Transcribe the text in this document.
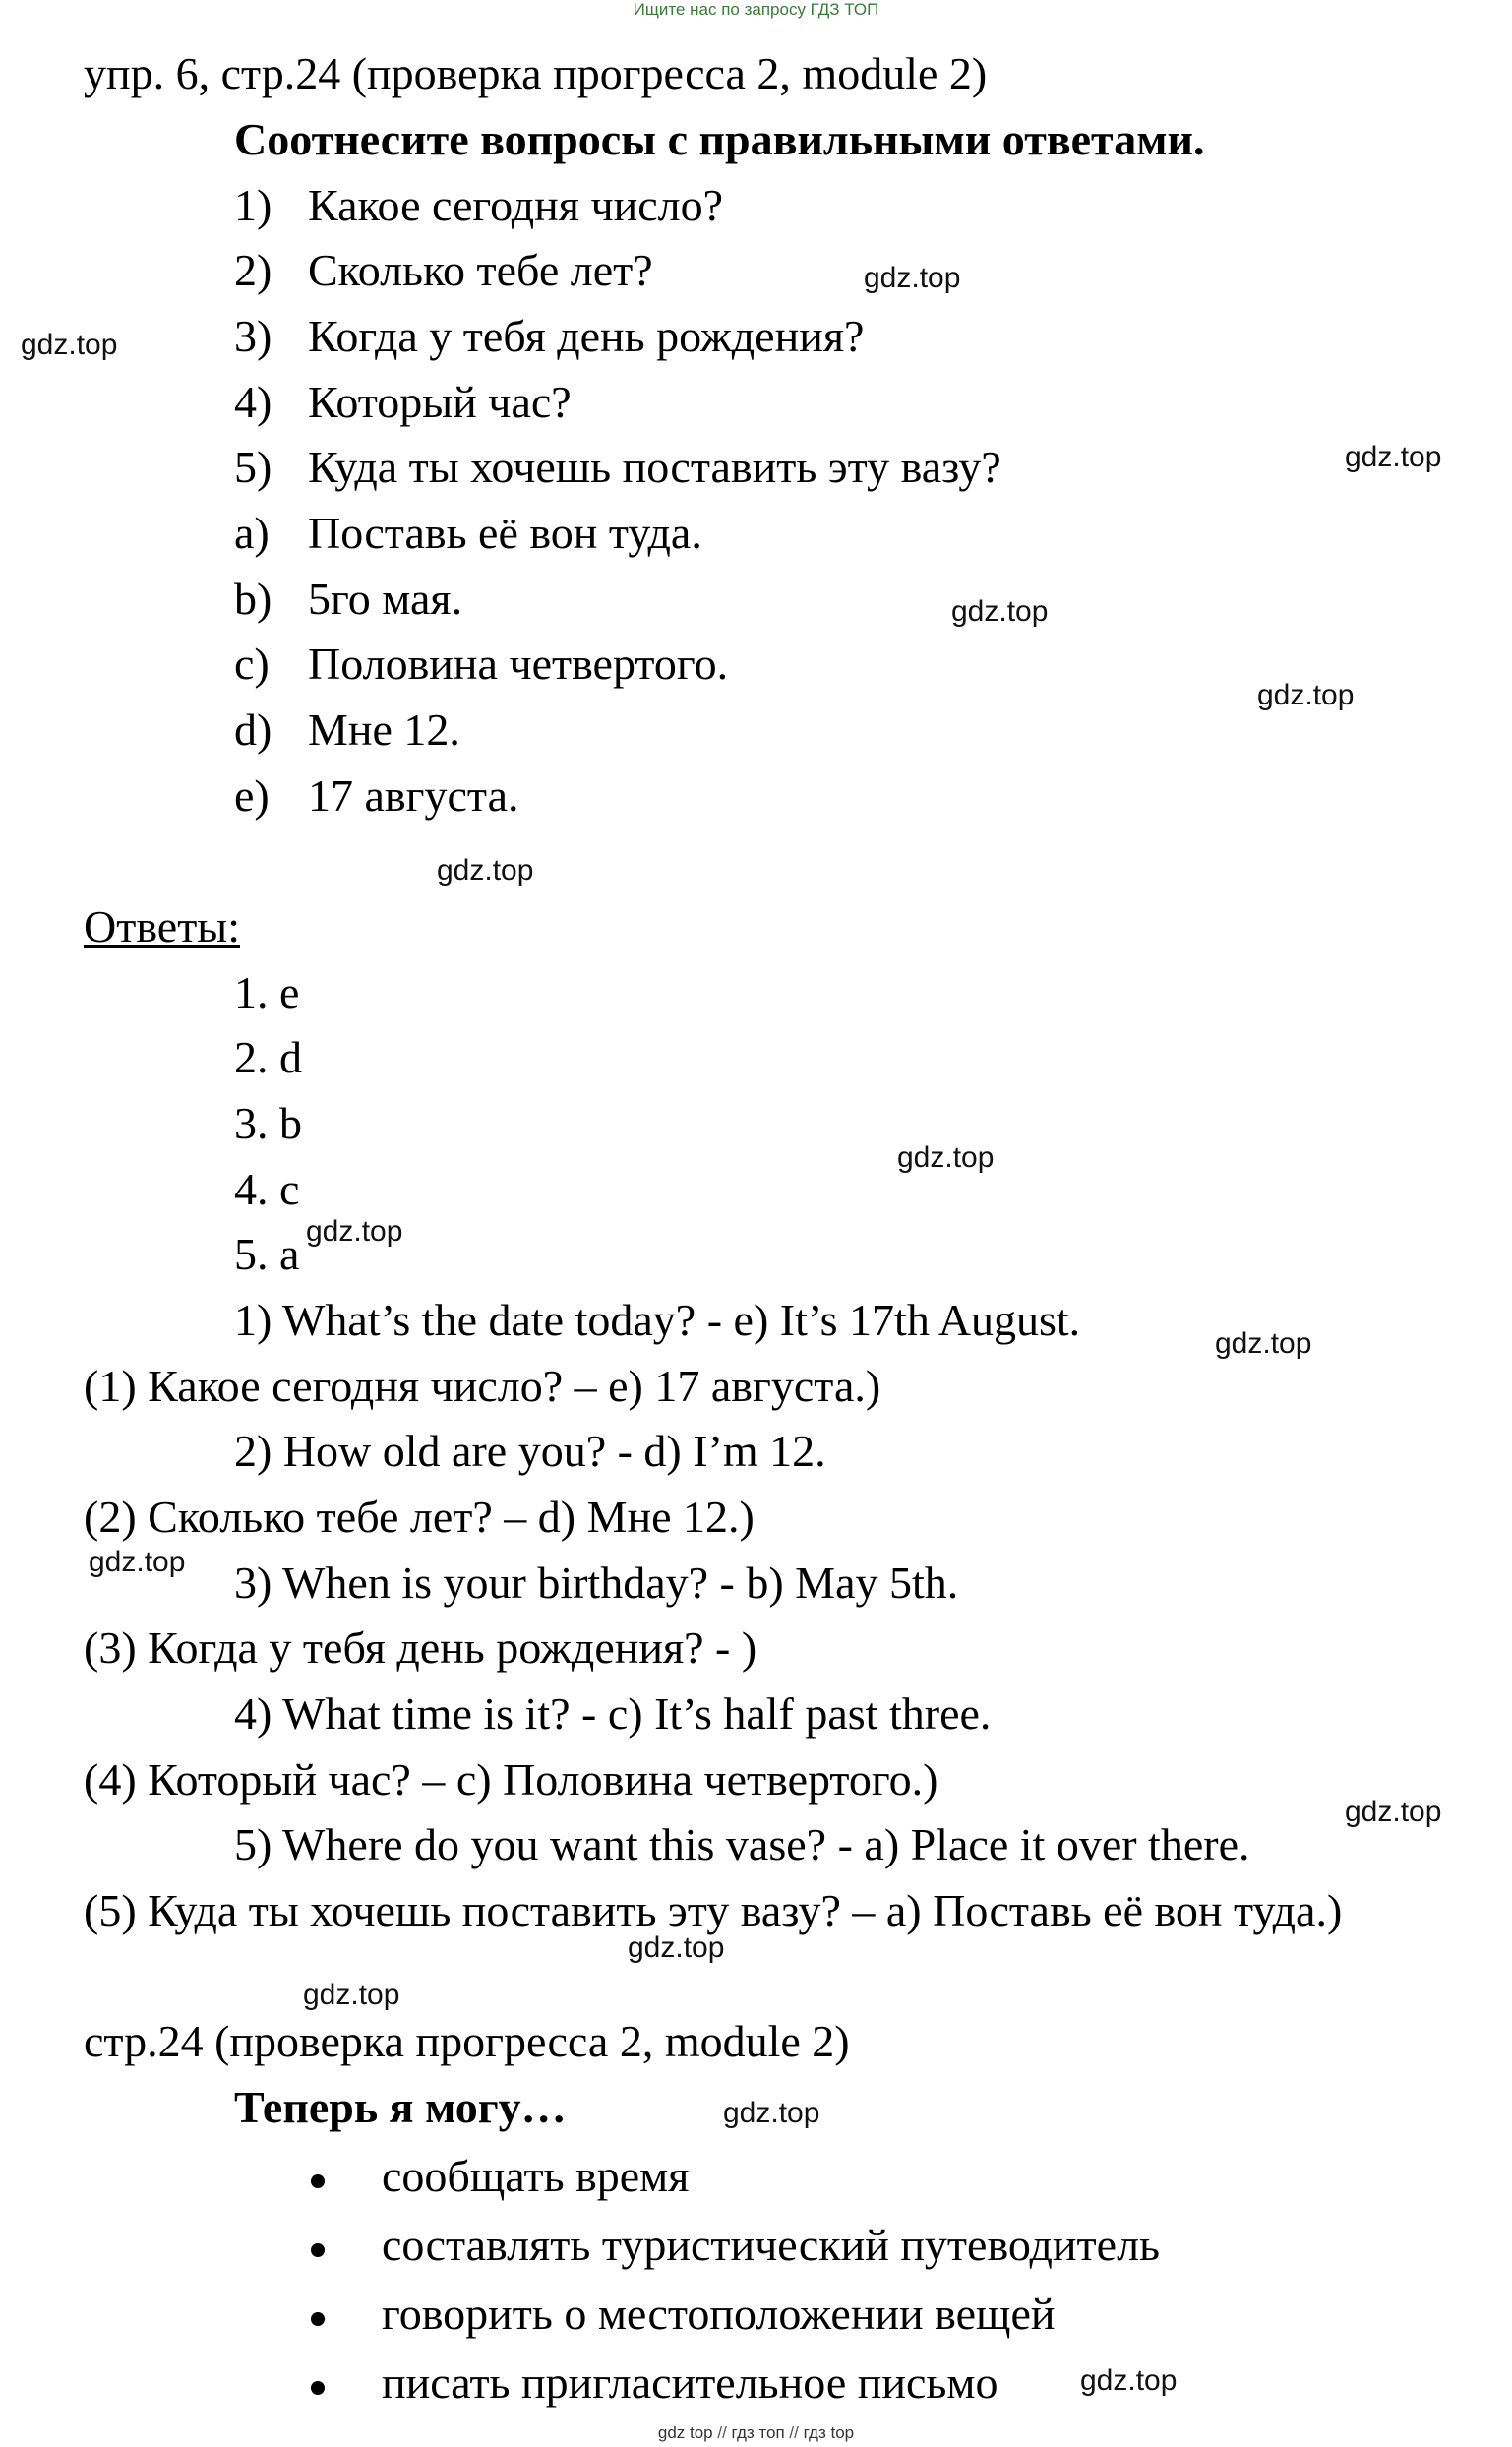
Ищите нас по запросу ГДЗ ТОП
упр. 6, стр.24 (проверка прогресса 2, module 2)
Соотнесите вопросы с правильными ответами.
1) Какое сегодня число?
2) Сколько тебе лет?
3) Когда у тебя день рождения?
4) Который час?
5) Куда ты хочешь поставить эту вазу?
a) Поставь её вон туда.
b) 5го мая.
c) Половина четвертого.
d) Мне 12.
e) 17 августа.
Ответы:
1. e
2. d
3. b
4. c
5. a
1) What’s the date today? - e) It’s 17th August.
(1) Какое сегодня число? – e) 17 августа.)
2) How old are you? - d) I’m 12.
(2) Сколько тебе лет? – d) Мне 12.)
3) When is your birthday? - b) May 5th.
(3) Когда у тебя день рождения? - )
4) What time is it? - c) It’s half past three.
(4) Который час? – c) Половина четвертого.)
5) Where do you want this vase? - a) Place it over there.
(5) Куда ты хочешь поставить эту вазу? – a) Поставь её вон туда.)
стр.24 (проверка прогресса 2, module 2)
Теперь я могу…
сообщать время
составлять туристический путеводитель
говорить о местоположении вещей
писать пригласительное письмо
gdz.top
gdz.top
gdz.top
gdz.top
gdz.top
gdz.top
gdz.top
gdz.top
gdz.top
gdz.top
gdz.top
gdz.top
gdz.top
gdz.top
gdz.top
gdz top // гдз топ // гдз top
